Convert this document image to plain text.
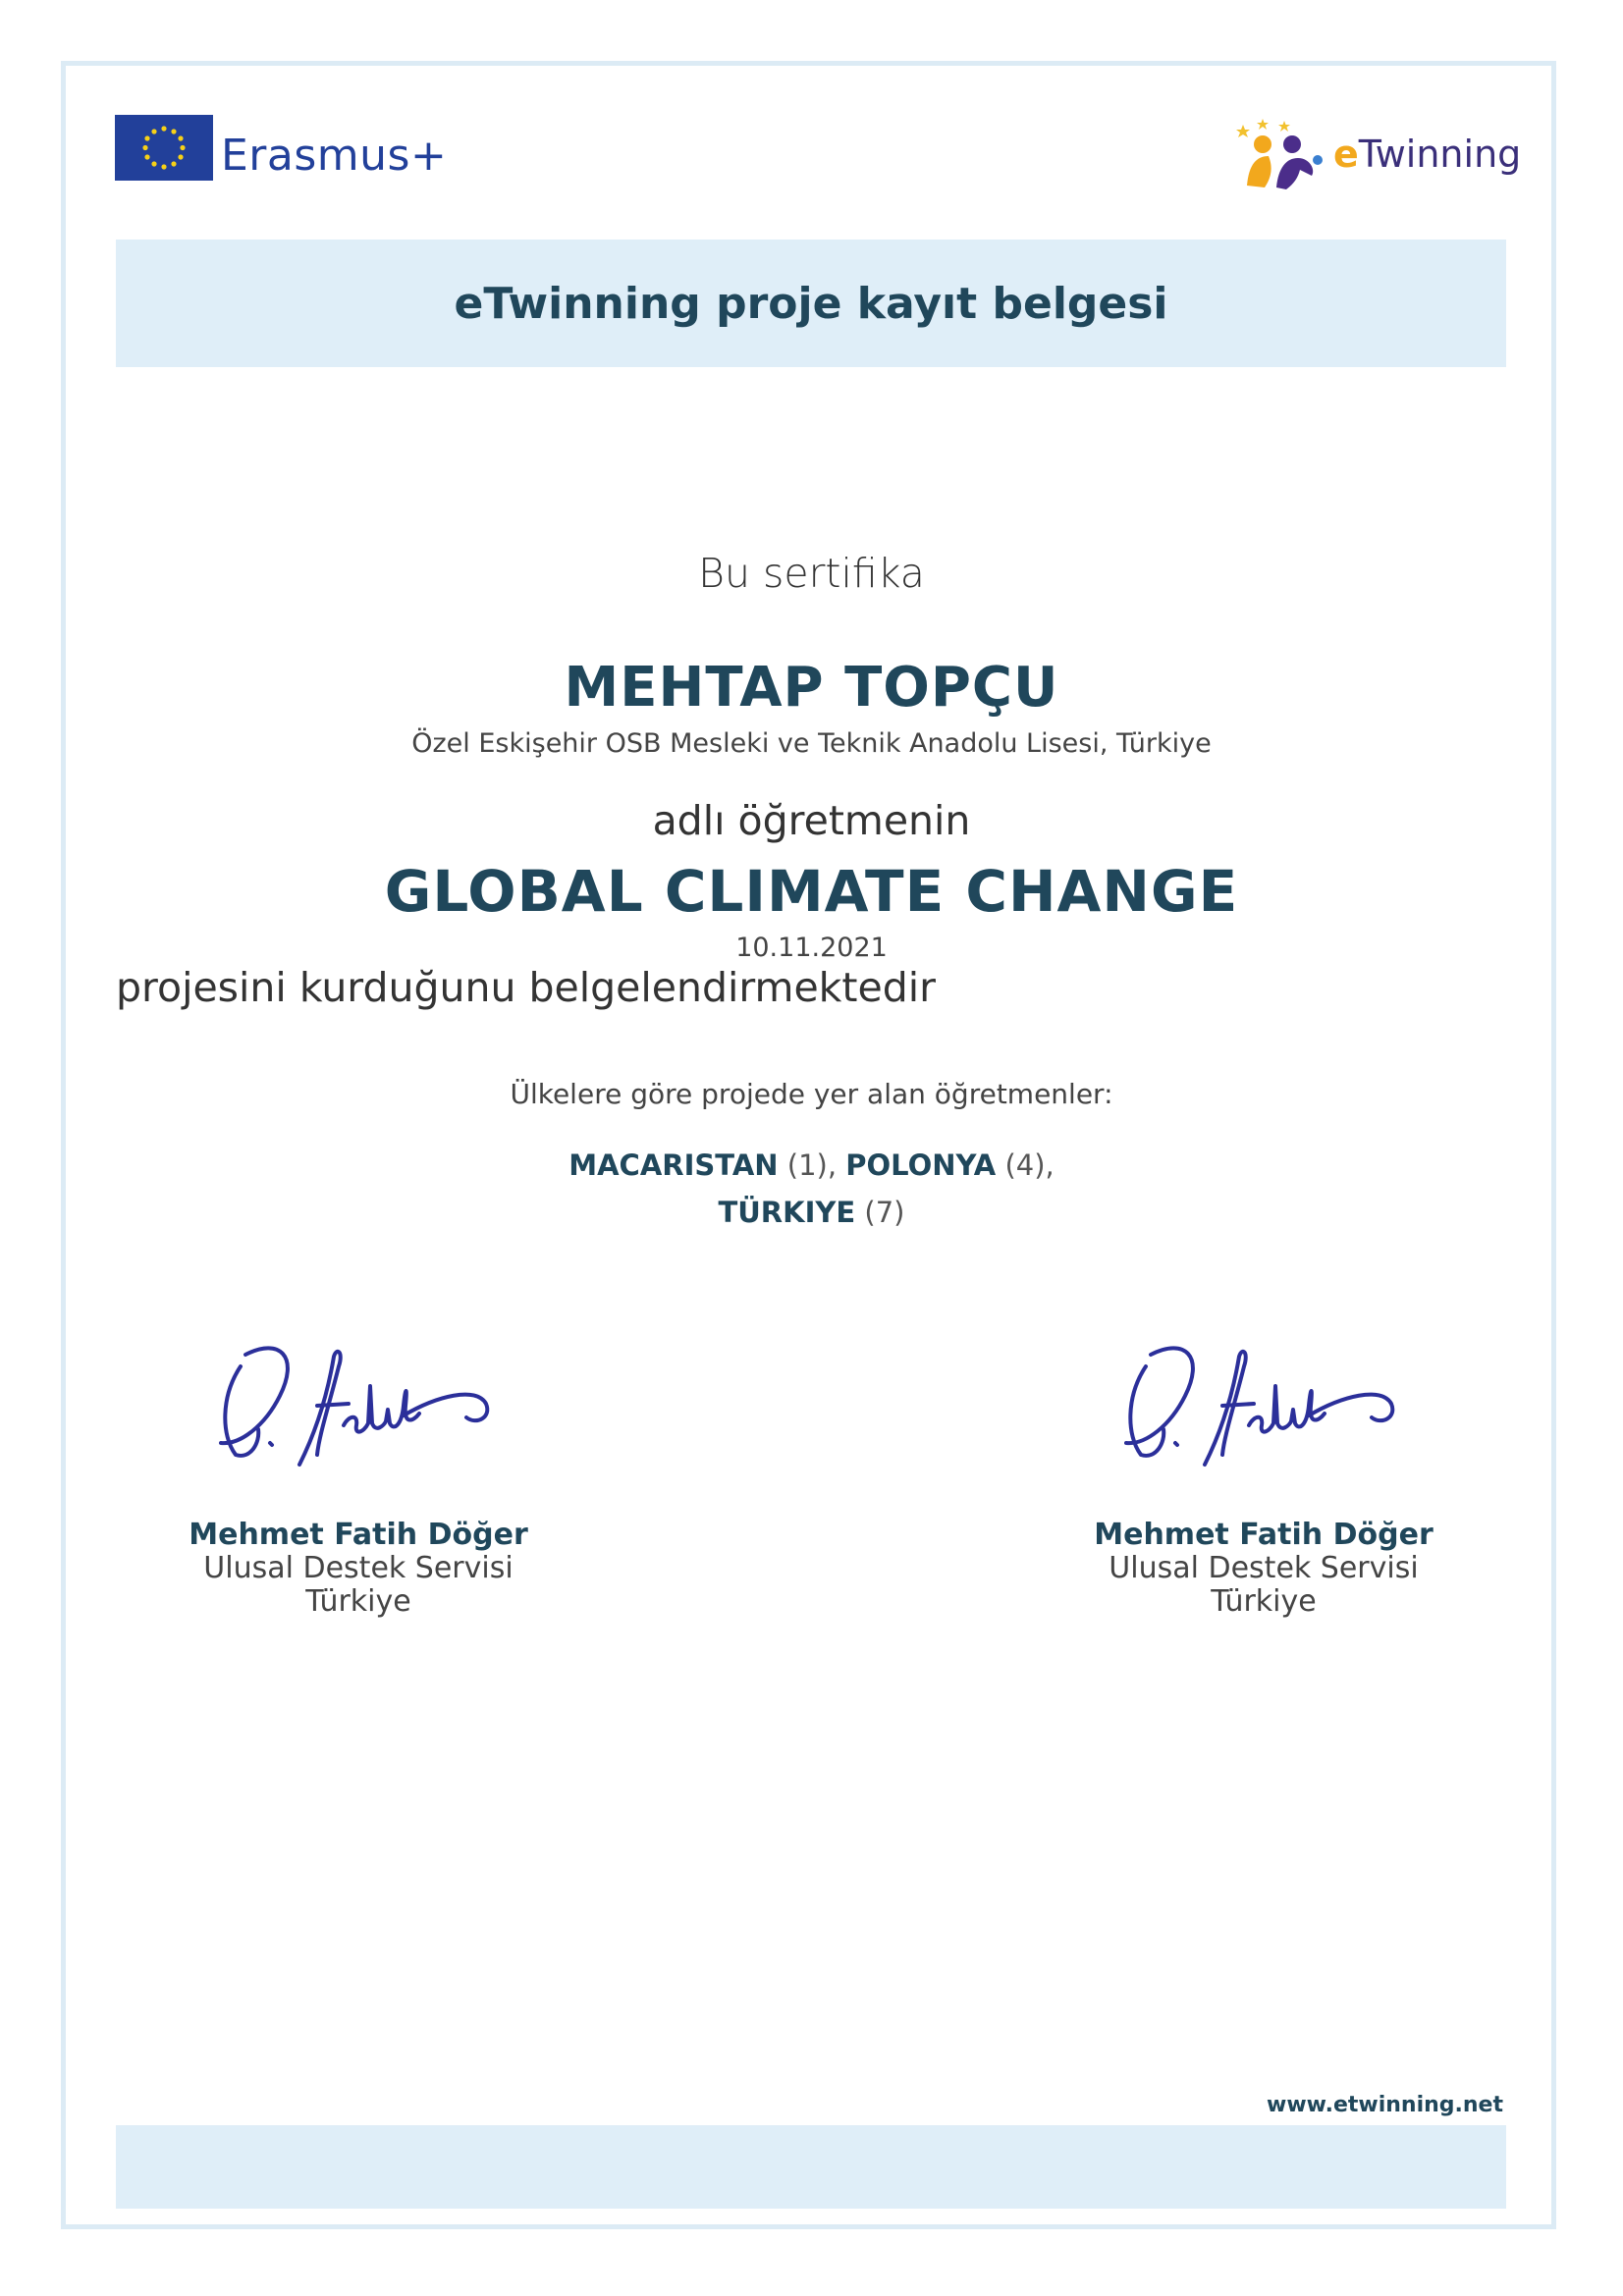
Erasmus+	eTwinning
eTwinning proje kayıt belgesi
Bu sertifika
MEHTAP TOPÇU
Özel Eskişehir OSB Mesleki ve Teknik Anadolu Lisesi, Türkiye
adlı öğretmenin
GLOBAL CLIMATE CHANGE
10.11.2021
projesini kurduğunu belgelendirmektedir
Ülkelere göre projede yer alan öğretmenler:
MACARISTAN (1), POLONYA (4),
TÜRKIYE (7)
Mehmet Fatih Döğer
Ulusal Destek Servisi
Türkiye
Mehmet Fatih Döğer
Ulusal Destek Servisi
Türkiye
www.etwinning.net
